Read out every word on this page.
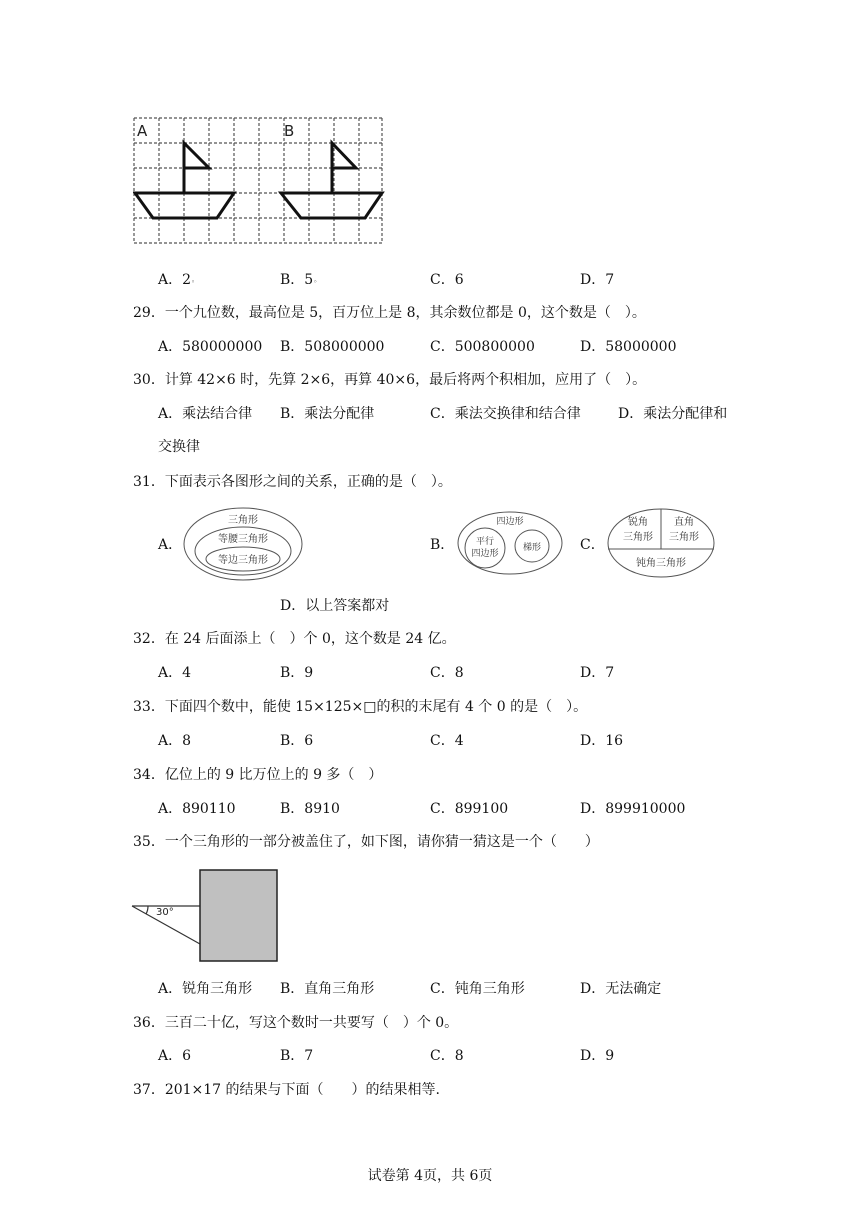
A	B
A．2◦	B．5◦	C．6	D．7
29．一个九位数，最高位是 5，百万位上是 8，其余数位都是 0，这个数是（　）。
A．580000000 B．508000000	C．500800000	D．58000000
30．计算 42×6 时，先算 2×6，再算 40×6，最后将两个积相加，应用了（　）。
A．乘法结合律 B．乘法分配律	C．乘法交换律和结合律	D．乘法分配律和
交换律
31．下面表示各图形之间的关系，正确的是（　）。
A．
三角形
等腰三角形
等边三角形
B．
四边形
平行
四边形
梯形	C．
锐角
三角形
直角
三角形
钝角三角形
D．以上答案都对
32．在 24 后面添上（　）个 0，这个数是 24 亿。
A．4	B．9	C．8	D．7
33．下面四个数中，能使 15×125×□的积的末尾有 4 个 0 的是（　）。
A．8	B．6	C．4	D．16
34．亿位上的 9 比万位上的 9 多（　）
A．890110	B．8910	C．899100	D．899910000
35．一个三角形的一部分被盖住了，如下图，请你猜一猜这是一个（　　）
30°
A．锐角三角形 B．直角三角形	C．钝角三角形	D．无法确定
36．三百二十亿，写这个数时一共要写（　）个 0。
A．6	B．7	C．8	D．9
37．201×17 的结果与下面（　　）的结果相等.
试卷第 4页，共 6页
